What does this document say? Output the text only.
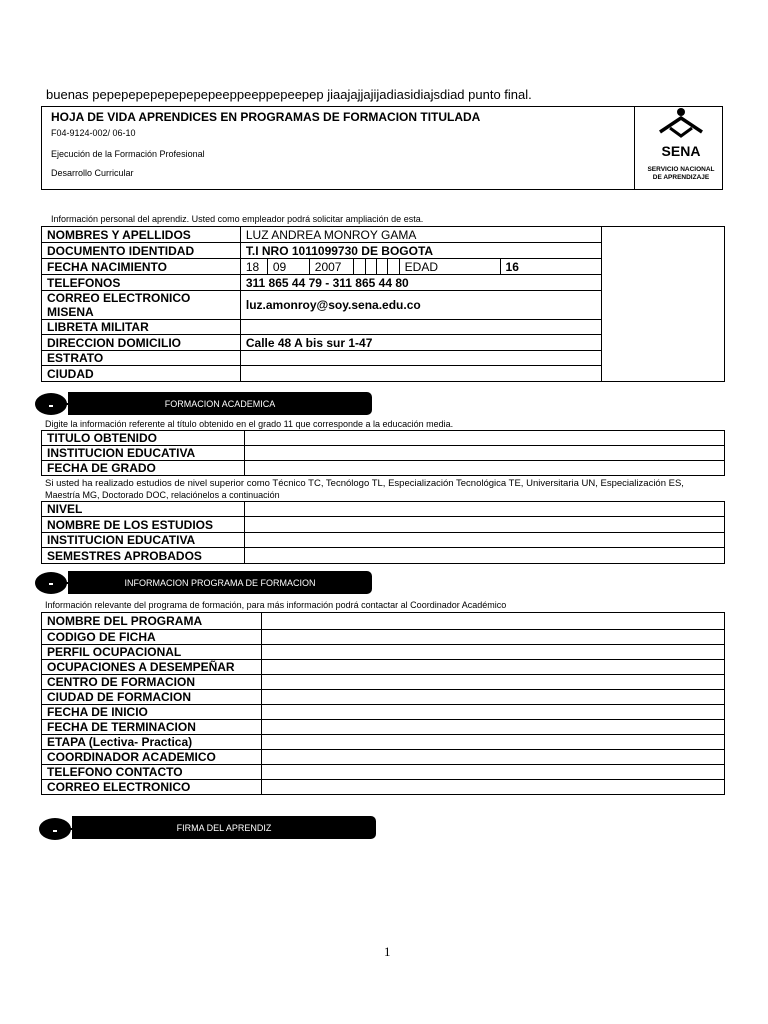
buenas pepepepepepepepepeeppeeppepeepep jiaajajjajijadiasidiajsdiad punto final.
HOJA DE VIDA APRENDICES EN PROGRAMAS DE FORMACION TITULADA
F04-9124-002/ 06-10
Ejecución de la Formación Profesional
Desarrollo Curricular
SENA
SERVICIO NACIONAL
DE APRENDIZAJE
Información personal del aprendiz. Usted como empleador podrá solicitar ampliación de esta.
NOMBRES Y APELLIDOS	LUZ ANDREA MONROY GAMA									
DOCUMENTO IDENTIDAD	T.I NRO 1011099730 DE BOGOTA									
FECHA NACIMIENTO	18	09	2007					EDAD	16	
TELEFONOS	311 865 44 79 - 311 865 44 80									

CORREO ELECTRONICO
MISENA	luz.amonroy@soy.sena.edu.co									
LIBRETA MILITAR										
DIRECCION DOMICILIO	Calle 48 A bis sur 1-47									
ESTRATO										
CIUDAD										
FORMACION ACADEMICA
Digite la información referente al título obtenido en el grado 11 que corresponde a la educación media.
TITULO OBTENIDO	
INSTITUCION EDUCATIVA	
FECHA DE GRADO	
Si usted ha realizado estudios de nivel superior como Técnico TC, Tecnólogo TL, Especialización Tecnológica TE, Universitaria UN, Especialización ES,
Maestría MG, Doctorado DOC, relaciónelos a continuación
NIVEL	
NOMBRE DE LOS ESTUDIOS	
INSTITUCION EDUCATIVA	
SEMESTRES APROBADOS	
INFORMACION PROGRAMA DE FORMACION
Información relevante del programa de formación, para más información podrá contactar al Coordinador Académico
NOMBRE DEL PROGRAMA	
CODIGO DE FICHA	
PERFIL OCUPACIONAL	
OCUPACIONES A DESEMPEÑAR	
CENTRO DE FORMACION	
CIUDAD DE FORMACION	
FECHA DE INICIO	
FECHA DE TERMINACION	
ETAPA (Lectiva- Practica)	
COORDINADOR ACADEMICO	
TELEFONO CONTACTO	
CORREO ELECTRONICO	
FIRMA DEL APRENDIZ
1
